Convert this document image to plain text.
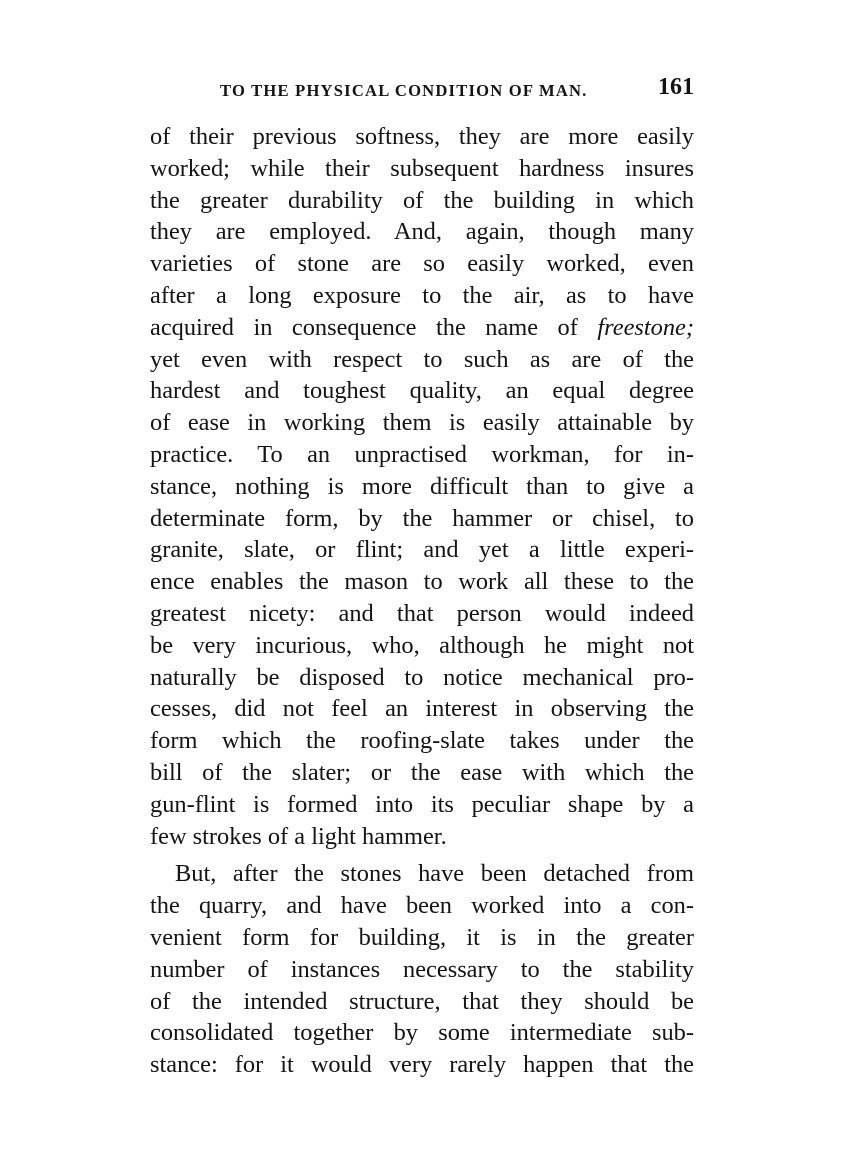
TO THE PHYSICAL CONDITION OF MAN.	161
of their previous softness, they are more easily
worked; while their subsequent hardness insures
the greater durability of the building in which
they are employed. And, again, though many
varieties of stone are so easily worked, even
after a long exposure to the air, as to have
acquired in consequence the name of freestone;
yet even with respect to such as are of the
hardest and toughest quality, an equal degree
of ease in working them is easily attainable by
practice. To an unpractised workman, for in-
stance, nothing is more difficult than to give a
determinate form, by the hammer or chisel, to
granite, slate, or flint; and yet a little experi-
ence enables the mason to work all these to the
greatest nicety: and that person would indeed
be very incurious, who, although he might not
naturally be disposed to notice mechanical pro-
cesses, did not feel an interest in observing the
form which the roofing-slate takes under the
bill of the slater; or the ease with which the
gun-flint is formed into its peculiar shape by a
few strokes of a light hammer.
But, after the stones have been detached from
the quarry, and have been worked into a con-
venient form for building, it is in the greater
number of instances necessary to the stability
of the intended structure, that they should be
consolidated together by some intermediate sub-
stance: for it would very rarely happen that the
